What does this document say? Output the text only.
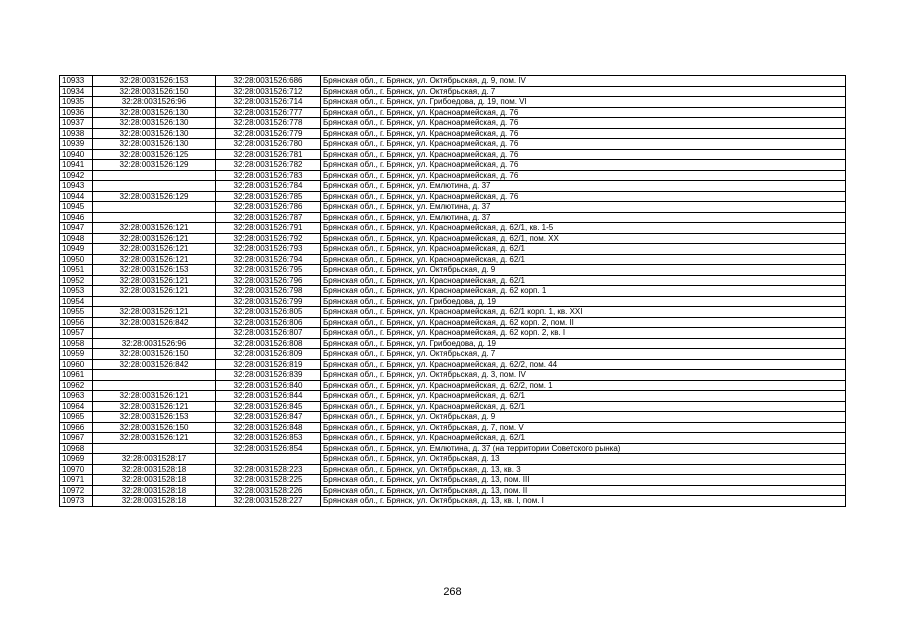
10933	32:28:0031526:153	32:28:0031526:686	Брянская обл., г. Брянск, ул. Октябрьская, д. 9, пом. IV
10934	32:28:0031526:150	32:28:0031526:712	Брянская обл., г. Брянск, ул. Октябрьская, д. 7
10935	32:28:0031526:96	32:28:0031526:714	Брянская обл., г. Брянск, ул. Грибоедова, д. 19, пом. VI
10936	32:28:0031526:130	32:28:0031526:777	Брянская обл., г. Брянск, ул. Красноармейская, д. 76
10937	32:28:0031526:130	32:28:0031526:778	Брянская обл., г. Брянск, ул. Красноармейская, д. 76
10938	32:28:0031526:130	32:28:0031526:779	Брянская обл., г. Брянск, ул. Красноармейская, д. 76
10939	32:28:0031526:130	32:28:0031526:780	Брянская обл., г. Брянск, ул. Красноармейская, д. 76
10940	32:28:0031526:125	32:28:0031526:781	Брянская обл., г. Брянск, ул. Красноармейская, д. 76
10941	32:28:0031526:129	32:28:0031526:782	Брянская обл., г. Брянск, ул. Красноармейская, д. 76
10942		32:28:0031526:783	Брянская обл., г. Брянск, ул. Красноармейская, д. 76
10943		32:28:0031526:784	Брянская обл., г. Брянск, ул. Емлютина, д. 37
10944	32:28:0031526:129	32:28:0031526:785	Брянская обл., г. Брянск, ул. Красноармейская, д. 76
10945		32:28:0031526:786	Брянская обл., г. Брянск, ул. Емлютина, д. 37
10946		32:28:0031526:787	Брянская обл., г. Брянск, ул. Емлютина, д. 37
10947	32:28:0031526:121	32:28:0031526:791	Брянская обл., г. Брянск, ул. Красноармейская, д. 62/1, кв. 1-5
10948	32:28:0031526:121	32:28:0031526:792	Брянская обл., г. Брянск, ул. Красноармейская, д. 62/1, пом. XX
10949	32:28:0031526:121	32:28:0031526:793	Брянская обл., г. Брянск, ул. Красноармейская, д. 62/1
10950	32:28:0031526:121	32:28:0031526:794	Брянская обл., г. Брянск, ул. Красноармейская, д. 62/1
10951	32:28:0031526:153	32:28:0031526:795	Брянская обл., г. Брянск, ул. Октябрьская, д. 9
10952	32:28:0031526:121	32:28:0031526:796	Брянская обл., г. Брянск, ул. Красноармейская, д. 62/1
10953	32:28:0031526:121	32:28:0031526:798	Брянская обл., г. Брянск, ул. Красноармейская, д. 62 корп. 1
10954		32:28:0031526:799	Брянская обл., г. Брянск, ул. Грибоедова, д. 19
10955	32:28:0031526:121	32:28:0031526:805	Брянская обл., г. Брянск, ул. Красноармейская, д. 62/1 корп. 1, кв. XXI
10956	32:28:0031526:842	32:28:0031526:806	Брянская обл., г. Брянск, ул. Красноармейская, д. 62 корп. 2, пом. II
10957		32:28:0031526:807	Брянская обл., г. Брянск, ул. Красноармейская, д. 62 корп. 2, кв. I
10958	32:28:0031526:96	32:28:0031526:808	Брянская обл., г. Брянск, ул. Грибоедова, д. 19
10959	32:28:0031526:150	32:28:0031526:809	Брянская обл., г. Брянск, ул. Октябрьская, д. 7
10960	32:28:0031526:842	32:28:0031526:819	Брянская обл., г. Брянск, ул. Красноармейская, д. 62/2, пом. 44
10961		32:28:0031526:839	Брянская обл., г. Брянск, ул. Октябрьская, д. 3, пом. IV
10962		32:28:0031526:840	Брянская обл., г. Брянск, ул. Красноармейская, д. 62/2, пом. 1
10963	32:28:0031526:121	32:28:0031526:844	Брянская обл., г. Брянск, ул. Красноармейская, д. 62/1
10964	32:28:0031526:121	32:28:0031526:845	Брянская обл., г. Брянск, ул. Красноармейская, д. 62/1
10965	32:28:0031526:153	32:28:0031526:847	Брянская обл., г. Брянск, ул. Октябрьская, д. 9
10966	32:28:0031526:150	32:28:0031526:848	Брянская обл., г. Брянск, ул. Октябрьская, д. 7, пом. V
10967	32:28:0031526:121	32:28:0031526:853	Брянская обл., г. Брянск, ул. Красноармейская, д. 62/1
10968		32:28:0031526:854	Брянская обл., г. Брянск, ул. Емлютина, д. 37 (на территории Советского рынка)
10969	32:28:0031528:17		Брянская обл., г. Брянск, ул. Октябрьская, д. 13
10970	32:28:0031528:18	32:28:0031528:223	Брянская обл., г. Брянск, ул. Октябрьская, д. 13, кв. 3
10971	32:28:0031528:18	32:28:0031528:225	Брянская обл., г. Брянск, ул. Октябрьская, д. 13, пом. III
10972	32:28:0031528:18	32:28:0031528:226	Брянская обл., г. Брянск, ул. Октябрьская, д. 13, пом. II
10973	32:28:0031528:18	32:28:0031528:227	Брянская обл., г. Брянск, ул. Октябрьская, д. 13, кв. I, пом. I
268
